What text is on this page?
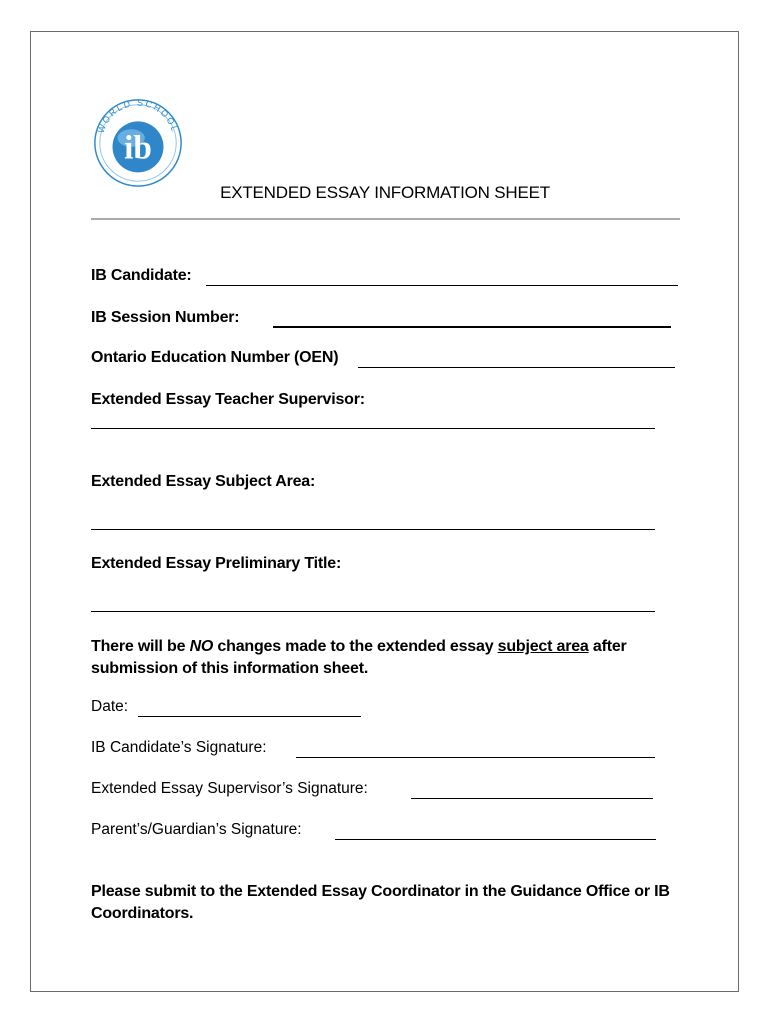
WORLD SCHOOL
ib
EXTENDED ESSAY INFORMATION SHEET
IB Candidate:
IB Session Number:
Ontario Education Number (OEN)
Extended Essay Teacher Supervisor:
Extended Essay Subject Area:
Extended Essay Preliminary Title:
There will be NO changes made to the extended essay subject area after submission of this information sheet.
Date:
IB Candidate’s Signature:
Extended Essay Supervisor’s Signature:
Parent’s/Guardian’s Signature:
Please submit to the Extended Essay Coordinator in the Guidance Office or IB Coordinators.
